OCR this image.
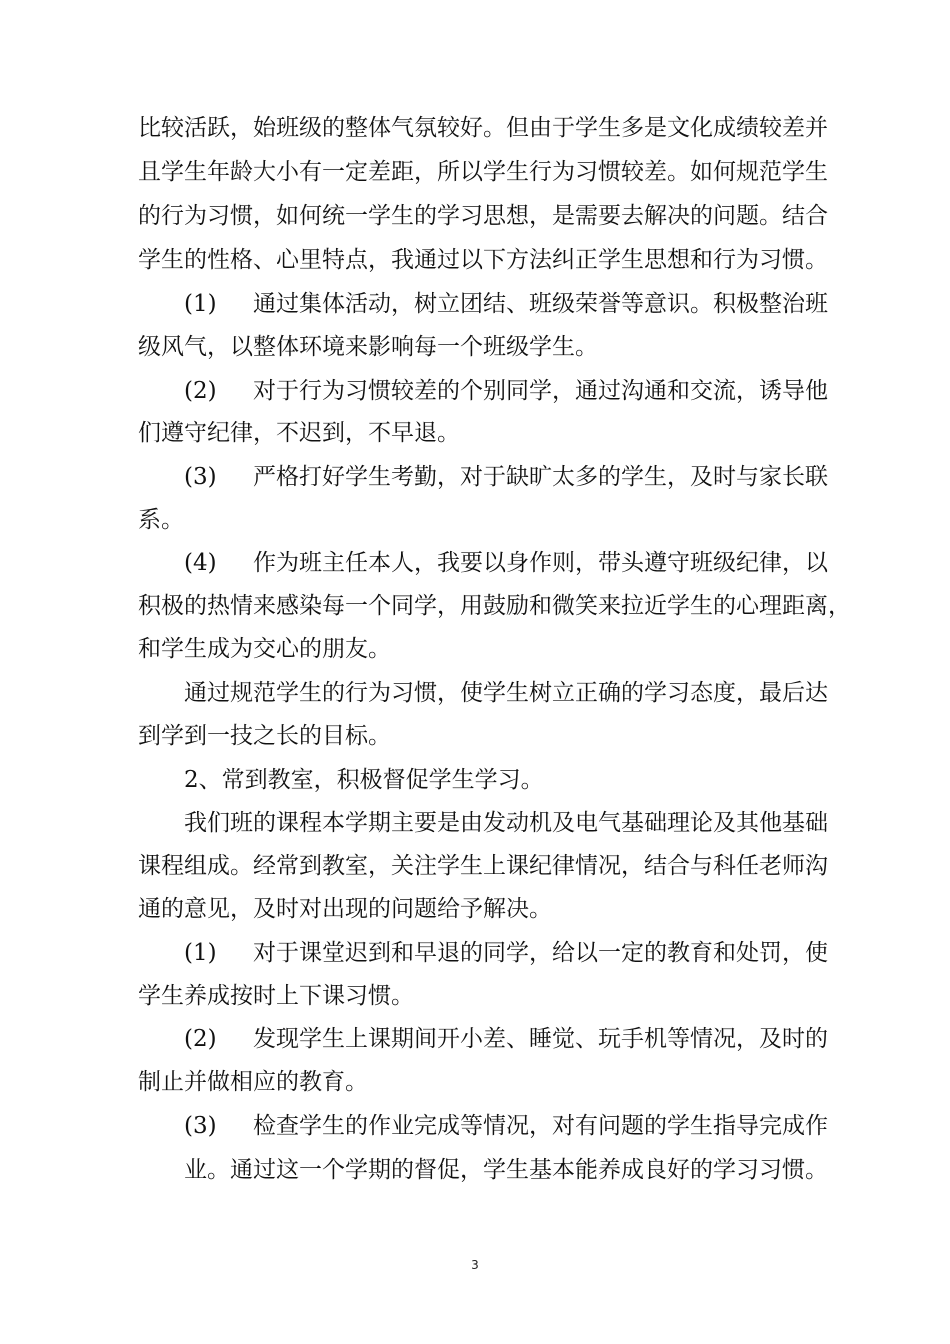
比较活跃，始班级的整体气氛较好。但由于学生多是文化成绩较差并
且学生年龄大小有一定差距，所以学生行为习惯较差。如何规范学生
的行为习惯，如何统一学生的学习思想，是需要去解决的问题。结合
学生的性格、心里特点，我通过以下方法纠正学生思想和行为习惯。
(1) 通过集体活动，树立团结、班级荣誉等意识。积极整治班
级风气，以整体环境来影响每一个班级学生。
(2) 对于行为习惯较差的个别同学，通过沟通和交流，诱导他
们遵守纪律，不迟到，不早退。
(3) 严格打好学生考勤，对于缺旷太多的学生，及时与家长联
系。
(4) 作为班主任本人，我要以身作则，带头遵守班级纪律，以
积极的热情来感染每一个同学，用鼓励和微笑来拉近学生的心理距离，
和学生成为交心的朋友。
通过规范学生的行为习惯，使学生树立正确的学习态度，最后达
到学到一技之长的目标。
2、常到教室，积极督促学生学习。
我们班的课程本学期主要是由发动机及电气基础理论及其他基础
课程组成。经常到教室，关注学生上课纪律情况，结合与科任老师沟
通的意见，及时对出现的问题给予解决。
(1) 对于课堂迟到和早退的同学，给以一定的教育和处罚，使
学生养成按时上下课习惯。
(2) 发现学生上课期间开小差、睡觉、玩手机等情况，及时的
制止并做相应的教育。
(3) 检查学生的作业完成等情况，对有问题的学生指导完成作
业。通过这一个学期的督促，学生基本能养成良好的学习习惯。
3
